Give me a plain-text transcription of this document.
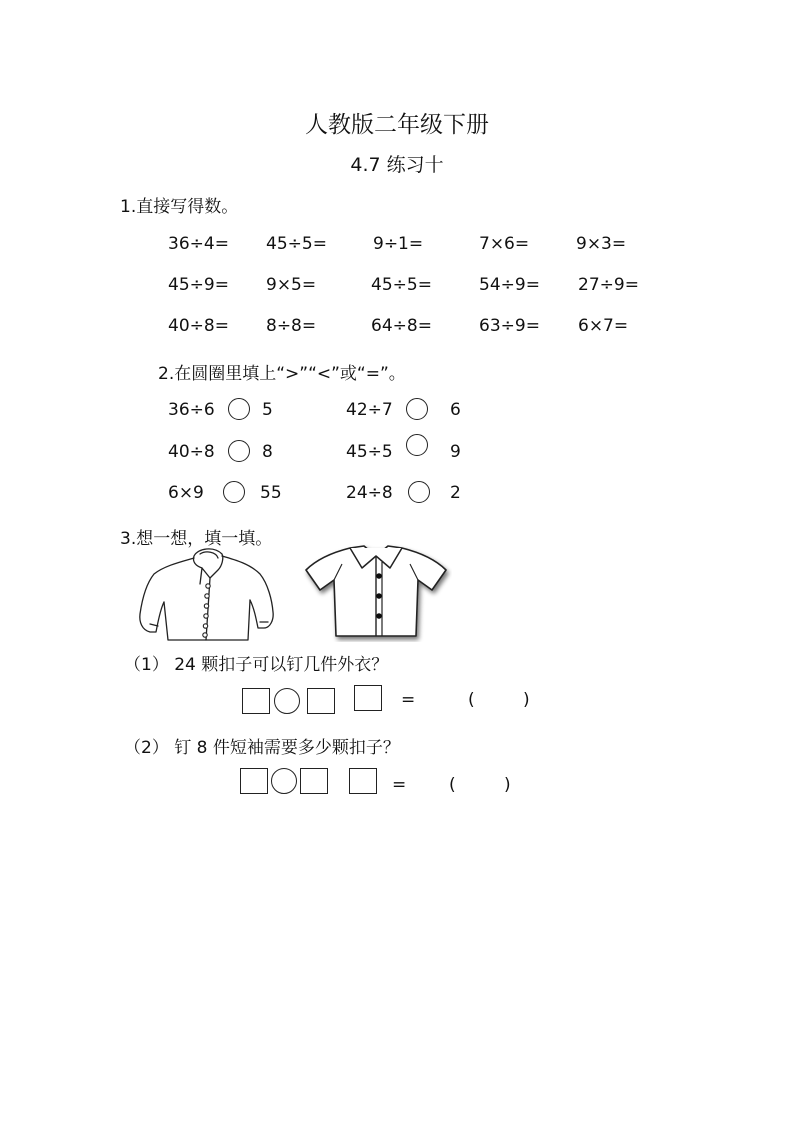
人教版二年级下册
4.7 练习十
1.直接写得数。
36÷4= 45÷5=	9÷1=	7×6=	9×3=
45÷9= 9×5=	45÷5=	54÷9= 27÷9=
40÷8= 8÷8=	64÷8=	63÷9= 6×7=
2.在圆圈里填上“>”“<”或“=”。
36÷6	5	42÷7	6
40÷8	8	45÷5	9
6×9	55	24÷8	2
3.想一想，填一填。
（1） 24 颗扣子可以钉几件外衣？
=	(	)
（2） 钉 8 件短袖需要多少颗扣子？
=	(	)
